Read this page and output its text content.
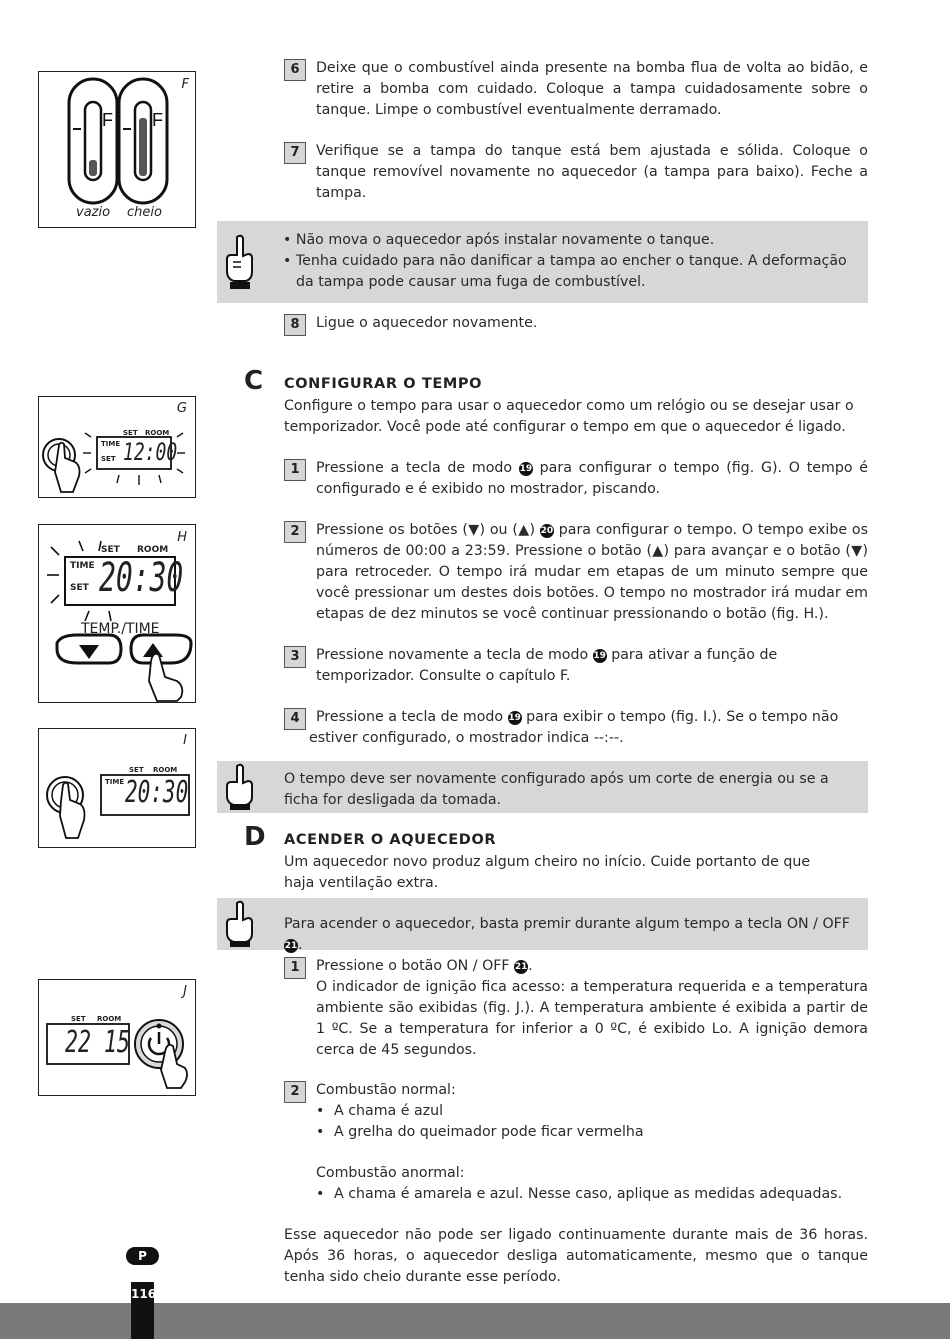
F
F F
vazio cheio
6	Deixe que o combustível ainda presente na bomba flua de volta ao bidão, e retire a bomba com cuidado. Coloque a tampa cuidadosamente sobre o tanque. Limpe o combustível eventualmente derramado.
7	Verifique se a tampa do tanque está bem ajustada e sólida. Coloque o tanque removível novamente no aquecedor (a tampa para baixo). Feche a tampa.
• Não mova o aquecedor após instalar novamente o tanque.
• Tenha cuidado para não danificar a tampa ao encher o tanque. A deformação
da tampa pode causar uma fuga de combustível.
8	Ligue o aquecedor novamente.
G
SET ROOM
TIME
SET 12:00
C CONFIGURAR O TEMPO
Configure o tempo para usar o aquecedor como um relógio ou se desejar usar o temporizador. Você pode até configurar o tempo em que o aquecedor é ligado.
1	Pressione a tecla de modo 19 para configurar o tempo (fig. G). O tempo é configurado e é exibido no mostrador, piscando.
H
SET ROOM
TIME
SET 20:30
TEMP./TIME
2	Pressione os botões (▼) ou (▲) 20 para configurar o tempo. O tempo exibe os números de 00:00 a 23:59. Pressione o botão (▲) para avançar e o botão (▼) para retroceder. O tempo irá mudar em etapas de um minuto sempre que você pressionar um destes dois botões. O tempo no mostrador irá mudar em etapas de dez minutos se você continuar pressionando o botão (fig. H.).
3	Pressione novamente a tecla de modo 19 para ativar a função de temporizador. Consulte o capítulo F.
I
SET ROOM
TIME 20:30
4	Pressione a tecla de modo 19 para exibir o tempo (fig. I.). Se o tempo não
estiver configurado, o mostrador indica --:--.
O tempo deve ser novamente configurado após um corte de energia ou se a ficha for desligada da tomada.
D ACENDER O AQUECEDOR
Um aquecedor novo produz algum cheiro no início. Cuide portanto de que haja ventilação extra.
Para acender o aquecedor, basta premir durante algum tempo a tecla ON / OFF 21.
J
SET ROOM
22 15
1	Pressione o botão ON / OFF 21.
O indicador de ignição fica acesso: a temperatura requerida e a temperatura ambiente são exibidas (fig. J.). A temperatura ambiente é exibida a partir de 1 ºC. Se a temperatura for inferior a 0 ºC, é exibido Lo. A ignição demora cerca de 45 segundos.
2	Combustão normal:
• A chama é azul
• A grelha do queimador pode ficar vermelha
Combustão anormal:
• A chama é amarela e azul. Nesse caso, aplique as medidas adequadas.
Esse aquecedor não pode ser ligado continuamente durante mais de 36 horas. Após 36 horas, o aquecedor desliga automaticamente, mesmo que o tanque tenha sido cheio durante esse período.
P
116
